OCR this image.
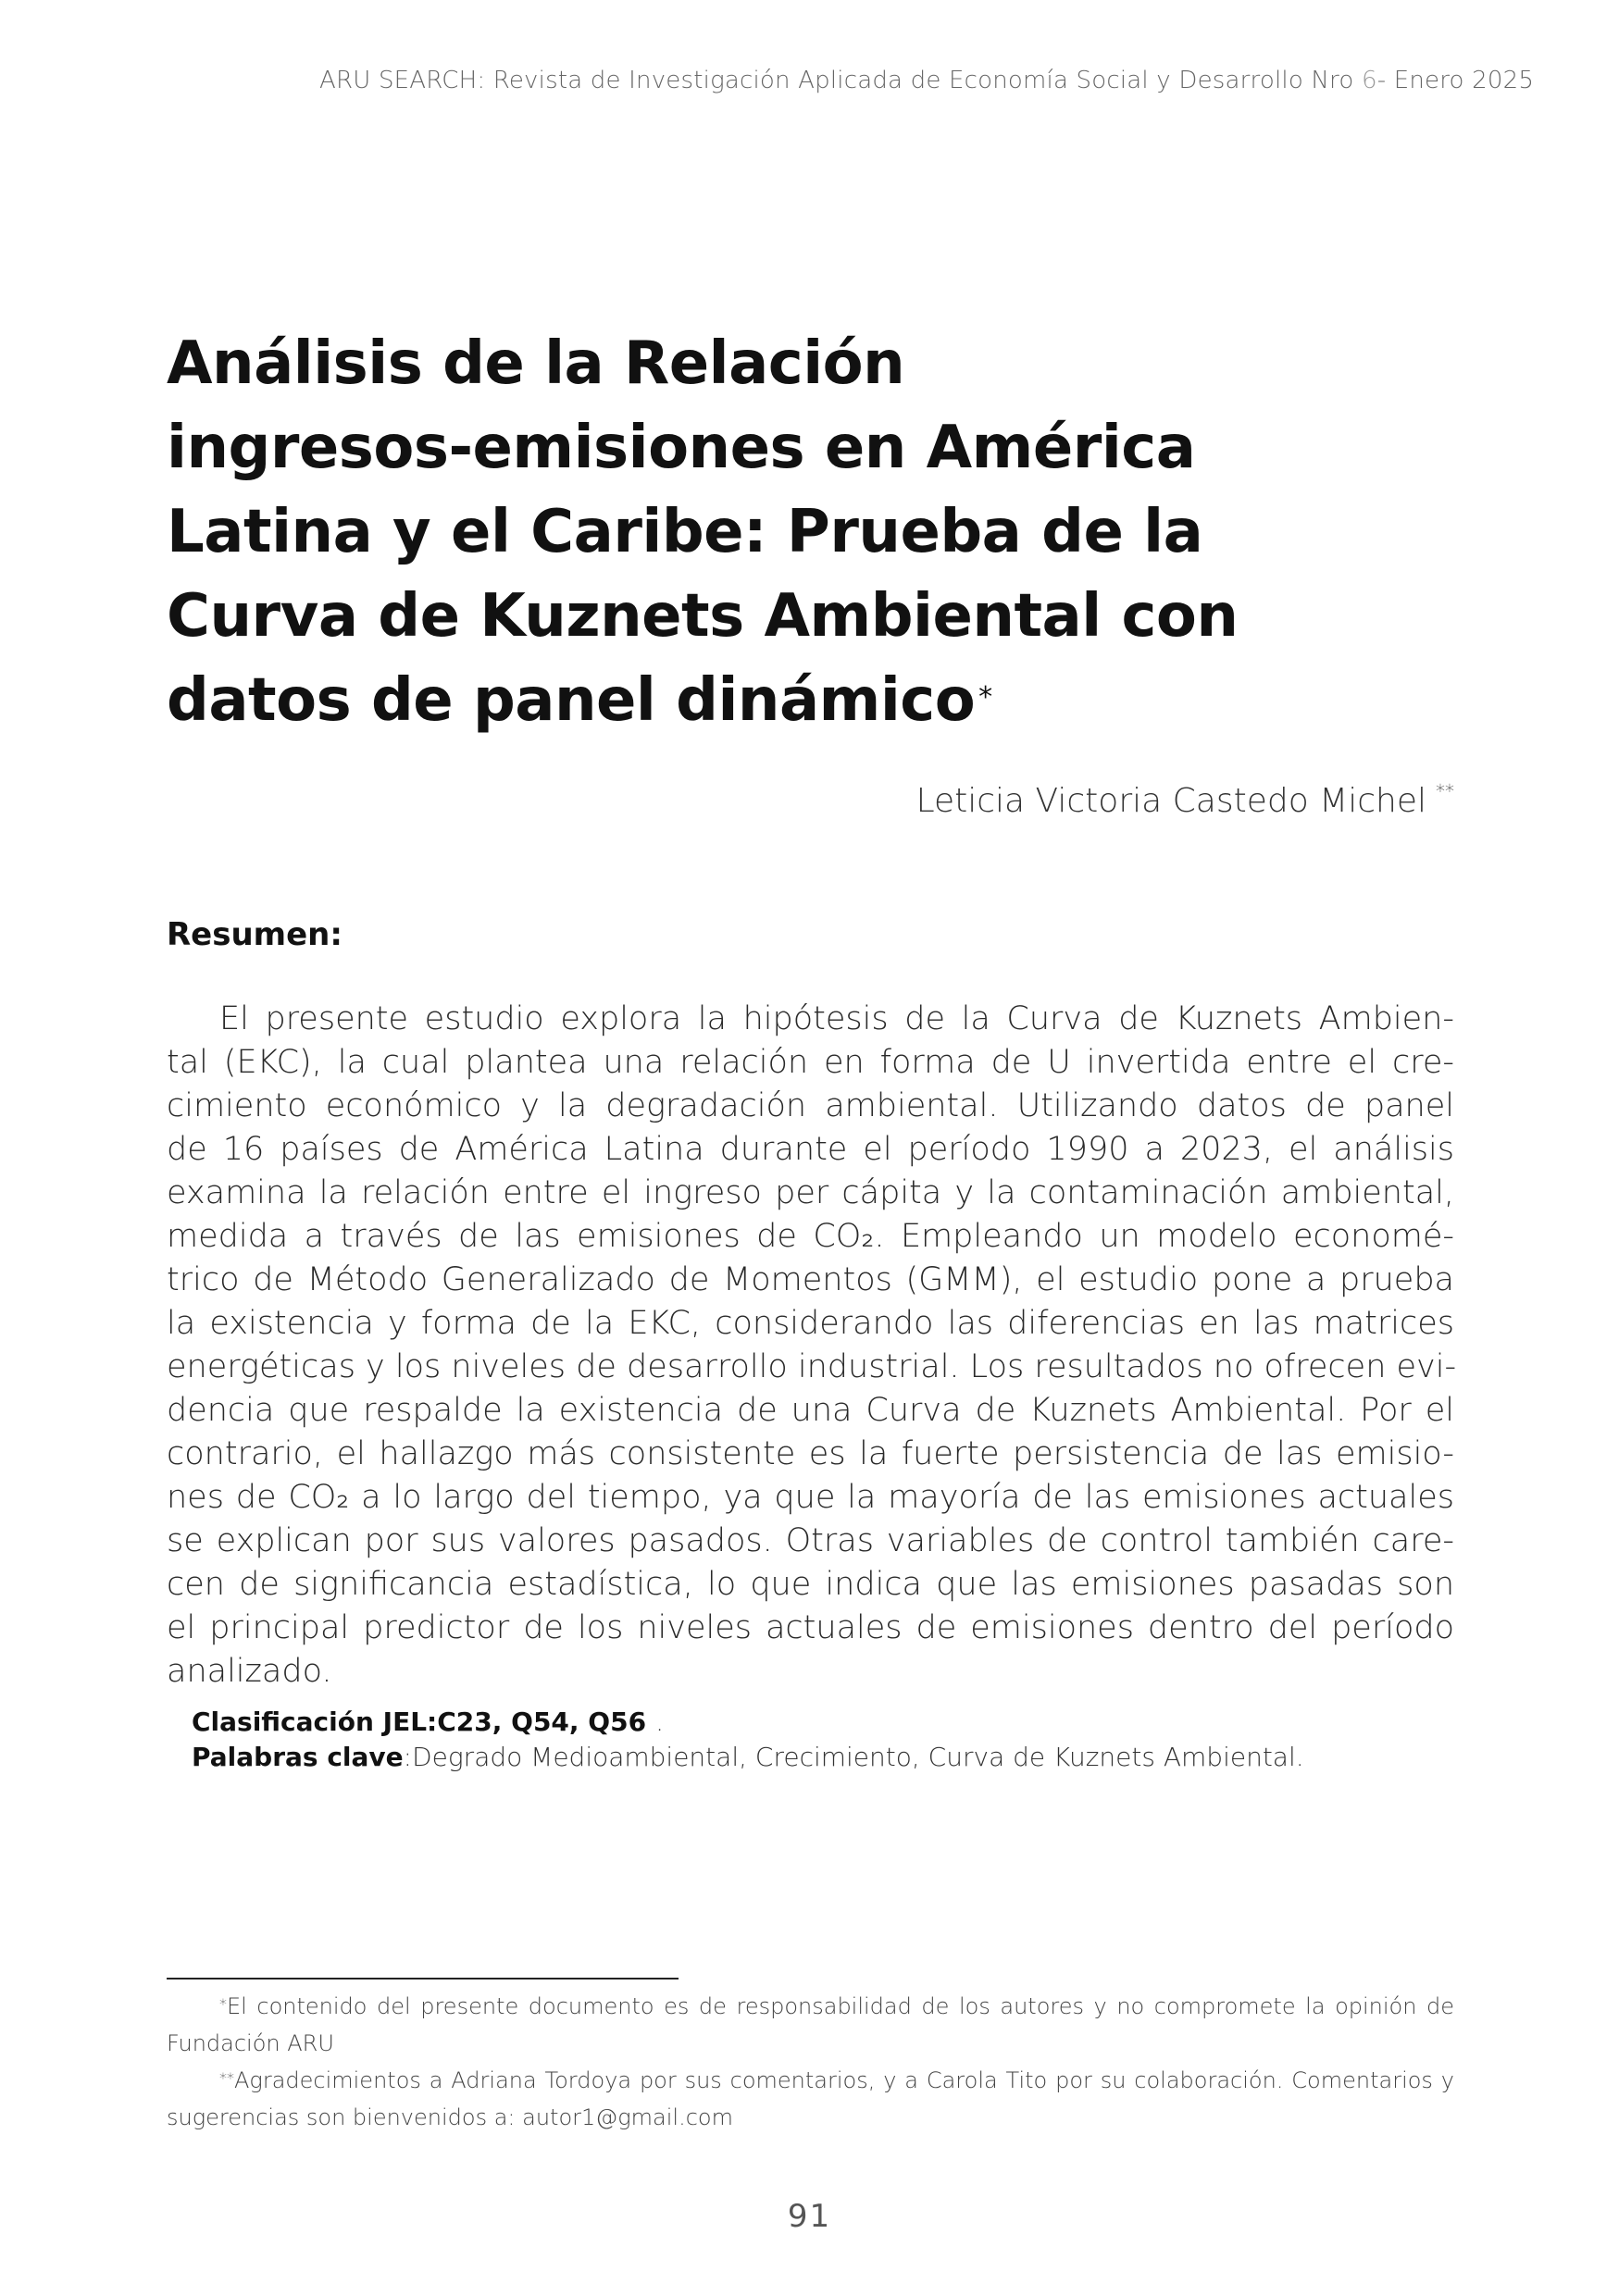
ARU SEARCH: Revista de Investigación Aplicada de Economía Social y Desarrollo Nro 6- Enero 2025
Análisis de la Relación
ingresos-emisiones en América
Latina y el Caribe: Prueba de la
Curva de Kuznets Ambiental con
datos de panel dinámico *
Leticia Victoria Castedo Michel **
Resumen:

El presente estudio explora la hipótesis de la Curva de Kuznets Ambien-
tal (EKC), la cual plantea una relación en forma de U invertida entre el cre-
cimiento económico y la degradación ambiental. Utilizando datos de panel
de 16 países de América Latina durante el período 1990 a 2023, el análisis
examina la relación entre el ingreso per cápita y la contaminación ambiental,
medida a través de las emisiones de CO₂. Empleando un modelo economé-
trico de Método Generalizado de Momentos (GMM), el estudio pone a prueba
la existencia y forma de la EKC, considerando las diferencias en las matrices
energéticas y los niveles de desarrollo industrial. Los resultados no ofrecen evi-
dencia que respalde la existencia de una Curva de Kuznets Ambiental. Por el
contrario, el hallazgo más consistente es la fuerte persistencia de las emisio-
nes de CO₂ a lo largo del tiempo, ya que la mayoría de las emisiones actuales
se explican por sus valores pasados. Otras variables de control también care-
cen de significancia estadística, lo que indica que las emisiones pasadas son
el principal predictor de los niveles actuales de emisiones dentro del período
analizado.

Clasificación JEL:C23, Q54, Q56 .
Palabras clave:Degrado Medioambiental, Crecimiento, Curva de Kuznets Ambiental.
*El contenido del presente documento es de responsabilidad de los autores y no compromete la opinión de
Fundación ARU
**Agradecimientos a Adriana Tordoya por sus comentarios, y a Carola Tito por su colaboración. Comentarios y
sugerencias son bienvenidos a: autor1@gmail.com
91
